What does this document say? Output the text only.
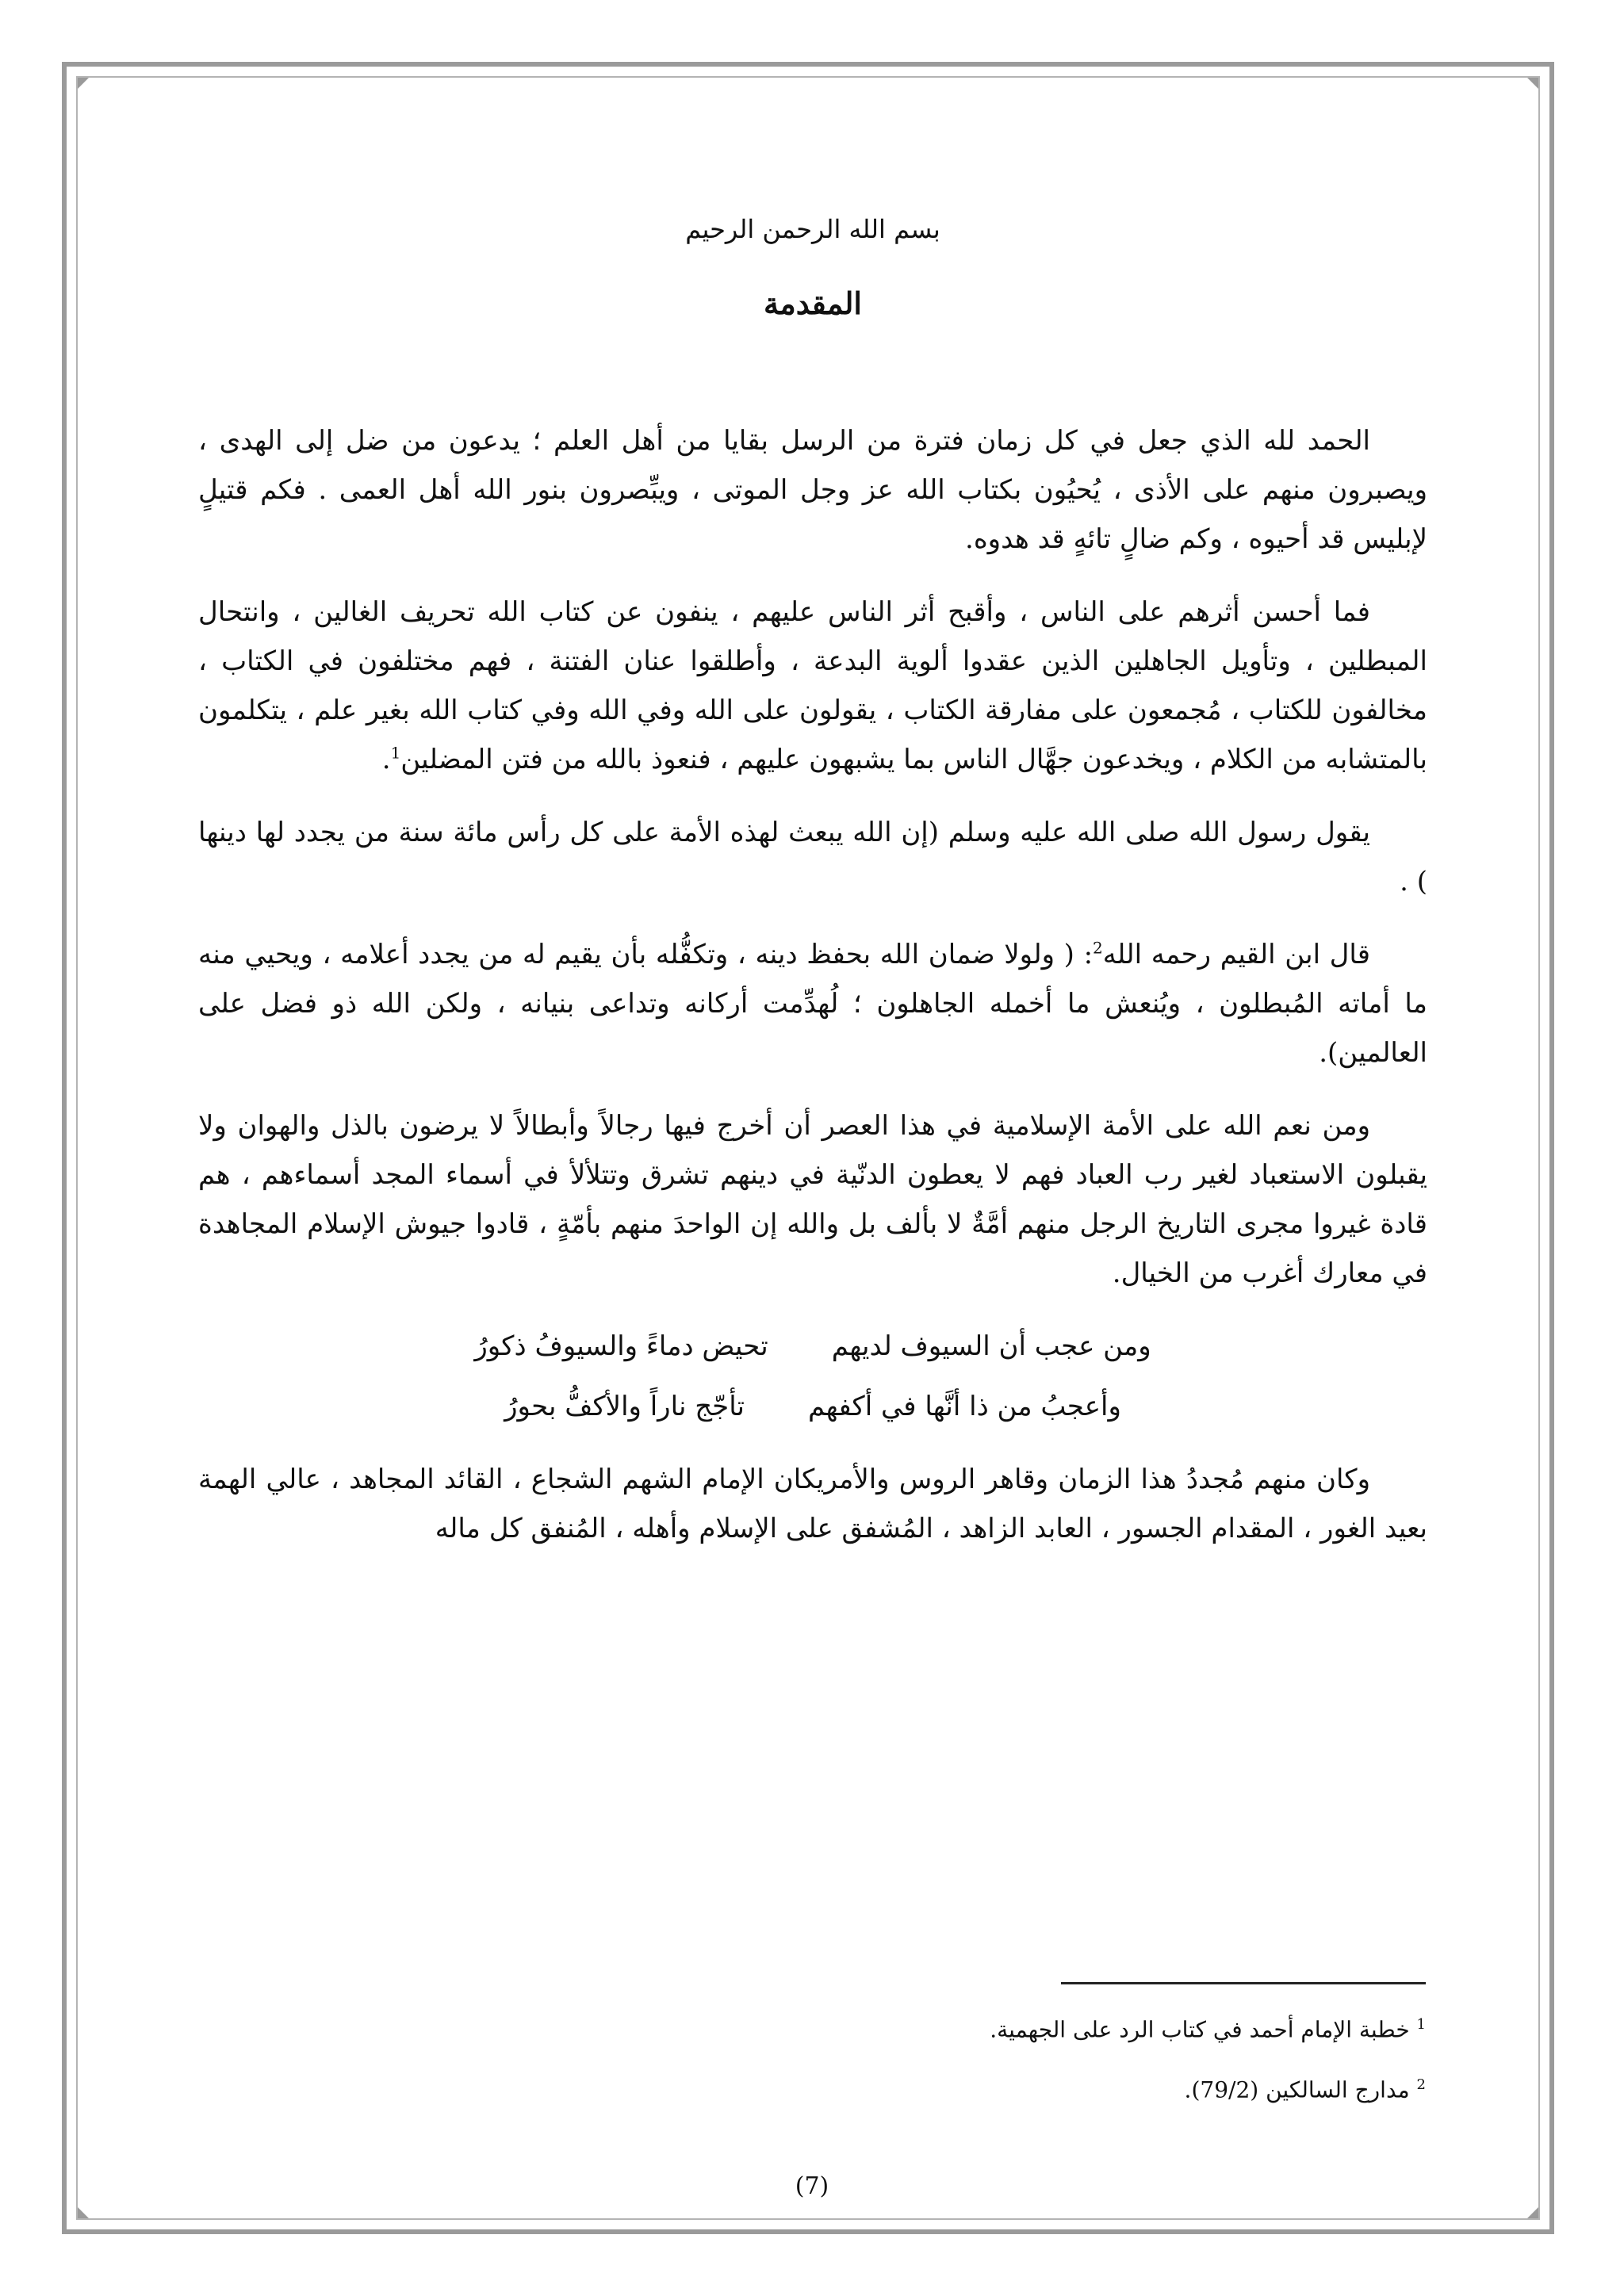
بسم الله الرحمن الرحيم
المقدمة

الحمد لله الذي جعل في كل زمان فترة من الرسل بقايا من أهل العلم ؛ يدعون من ضل إلى الهدى ، ويصبرون منهم على الأذى ، يُحيُون بكتاب الله عز وجل الموتى ، ويبِّصرون بنور الله أهل العمى . فكم قتيلٍ لإبليس قد أحيوه ، وكم ضالٍ تائهٍ قد هدوه.

فما أحسن أثرهم على الناس ، وأقبح أثر الناس عليهم ، ينفون عن كتاب الله تحريف الغالين ، وانتحال المبطلين ، وتأويل الجاهلين الذين عقدوا ألوية البدعة ، وأطلقوا عنان الفتنة ، فهم مختلفون في الكتاب ، مخالفون للكتاب ، مُجمعون على مفارقة الكتاب ، يقولون على الله وفي الله وفي كتاب الله بغير علم ، يتكلمون بالمتشابه من الكلام ، ويخدعون جهَّال الناس بما يشبهون عليهم ، فنعوذ بالله من فتن المضلين$^1$.

يقول رسول الله صلى الله عليه وسلم (إن الله يبعث لهذه الأمة على كل رأس مائة سنة من يجدد لها دينها ) .

قال ابن القيم رحمه الله$^2$: ( ولولا ضمان الله بحفظ دينه ، وتكفُّله بأن يقيم له من يجدد أعلامه ، ويحيي منه ما أماته المُبطلون ، ويُنعش ما أخمله الجاهلون ؛ لُهدِّمت أركانه وتداعى بنيانه ، ولكن الله ذو فضل على العالمين).

ومن نعم الله على الأمة الإسلامية في هذا العصر أن أخرج فيها رجالاً وأبطالاً لا يرضون بالذل والهوان ولا يقبلون الاستعباد لغير رب العباد فهم لا يعطون الدنّية في دينهم تشرق وتتلألأ في أسماء المجد أسماءهم ، هم قادة غيروا مجرى التاريخ الرجل منهم أمَّةٌ لا بألف بل والله إن الواحدَ منهم بأمّةٍ ، قادوا جيوش الإسلام المجاهدة في معارك أغرب من الخيال.

ومن عجب أن السيوف لديهم
تحيض دماءً والسيوفُ ذكورُ
وأعجبُ من ذا أنَّها في أكفهم
تأجّج ناراً والأكفُّ بحورُ

وكان منهم مُجددُ هذا الزمان وقاهر الروس والأمريكان الإمام الشهم الشجاع ، القائد المجاهد ، عالي الهمة بعيد الغور ، المقدام الجسور ، العابد الزاهد ، المُشفق على الإسلام وأهله ، المُنفق كل ماله

$^1$ خطبة الإمام أحمد في كتاب الرد على الجهمية.
$^2$ مدارج السالكين (79/2).
(7)
